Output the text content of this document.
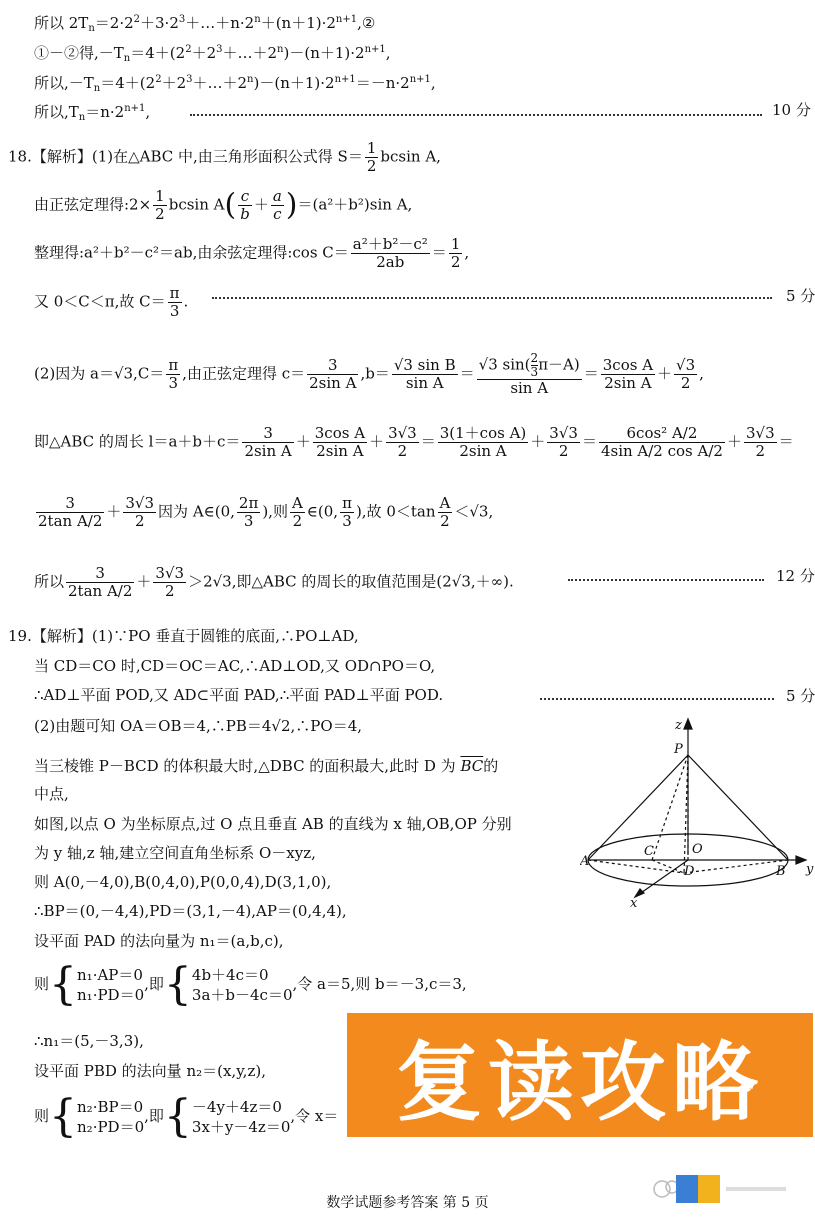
所以 $2T_n=2\cdot 2^2+3\cdot 2^3+\dots+n\cdot 2^n+(n+1)\cdot 2^{n+1},②$
①－②得$,-T_n=4+(2^2+2^3+\dots+2^n)-(n+1)\cdot 2^{n+1}$,
所以$,-T_n=4+(2^2+2^3+\dots+2^n)-(n+1)\cdot 2^{n+1}=-n\cdot 2^{n+1}$,
所以$,T_n=n\cdot 2^{n+1}$,	10 分
18.【解析】(1)在△ABC 中,由三角形面积公式得 $S= \frac{1}{2}$ bcsin A,
由正弦定理得:2× $\frac{1}{2}$ bcsin $A( \frac{c}{b} + \frac{a}{c} )=(a^2+b^2)\sin$ A,
整理得:a²＋b²－c²＝ab,由余弦定理得:cos $C= \frac{\text{a²＋b²－c²}}{2ab} = \frac{1}{2}$ ,
又 0＜C＜π,故 $C= \frac{\pi}{3}$ .	5 分
(2)因为 $a=√3,C= \frac{\pi}{3}$ ,由正弦定理得 $c= \frac{3}{\text{2sin A}} ,b= \frac{\text{√3 sin B}}{\text{sin A}} = \frac{√3 \sin( \frac{2}{3} \pi-A)}{\text{sin A}} = \frac{\text{3cos A}}{\text{2sin A}} + \frac{√3}{2}$ ,
即△ABC 的周长 $l=a+b+c= \frac{3}{\text{2sin A}} + \frac{\text{3cos A}}{\text{2sin A}} + \frac{3√3}{2} = \frac{\text{3(1＋cos A)}}{\text{2sin A}} + \frac{3√3}{2} = \frac{\text{6cos² A/2}}{\text{4sin A/2 cos A/2}} + \frac{3√3}{2}$ ＝
$\frac{3}{\text{2tan A/2}} + \frac{3√3}{2}$ 因为 A∈(0, $\frac{2\pi}{3}$ ),则 $\frac{A}{2}$ ∈(0, $\frac{\pi}{3}$ ),故 $0<\tan \frac{A}{2} <√3$,
所以 $\frac{3}{\text{2tan A/2}} + \frac{3√3}{2} >2√3$,即△ABC 的周长的取值范围是(2√3,＋∞).	12 分
19.【解析】(1)∵PO 垂直于圆锥的底面,∴PO⊥AD,
当 CD＝CO 时,CD＝OC＝AC,∴AD⊥OD,又 OD∩PO＝O,
∴AD⊥平面 POD,又 AD⊂平面 PAD,∴平面 PAD⊥平面 POD.	5 分
(2)由题可知 OA＝OB＝4,∴PB＝4√2,∴PO＝4,
当三棱锥 P－BCD 的体积最大时,△DBC 的面积最大,此时 D 为 $\overline{BC}$的
中点,
如图,以点 O 为坐标原点,过 O 点且垂直 AB 的直线为 x 轴,OB,OP 分别
为 y 轴,z 轴,建立空间直角坐标系 O－xyz,
则 A(0,－4,0),B(0,4,0),P(0,0,4),D(3,1,0),
∴BP＝(0,－4,4),PD＝(3,1,－4),AP＝(0,4,4),
设平面 PAD 的法向量为 n₁＝(a,b,c),
则{ n₁·AP＝0
n₁·PD＝0
,即{ 4b＋4c＝0
3a＋b－4c＝0
,令 a＝5,则 b＝－3,c＝3,
∴n₁＝(5,－3,3),
设平面 PBD 的法向量 n₂＝(x,y,z),
则{ n₂·BP＝0
n₂·PD＝0
,即{ －4y＋4z＝0
3x＋y－4z＝0
,令 x＝
z
P
A
C	O
D	B y
x
复读攻略
数学试题参考答案 第 5 页
